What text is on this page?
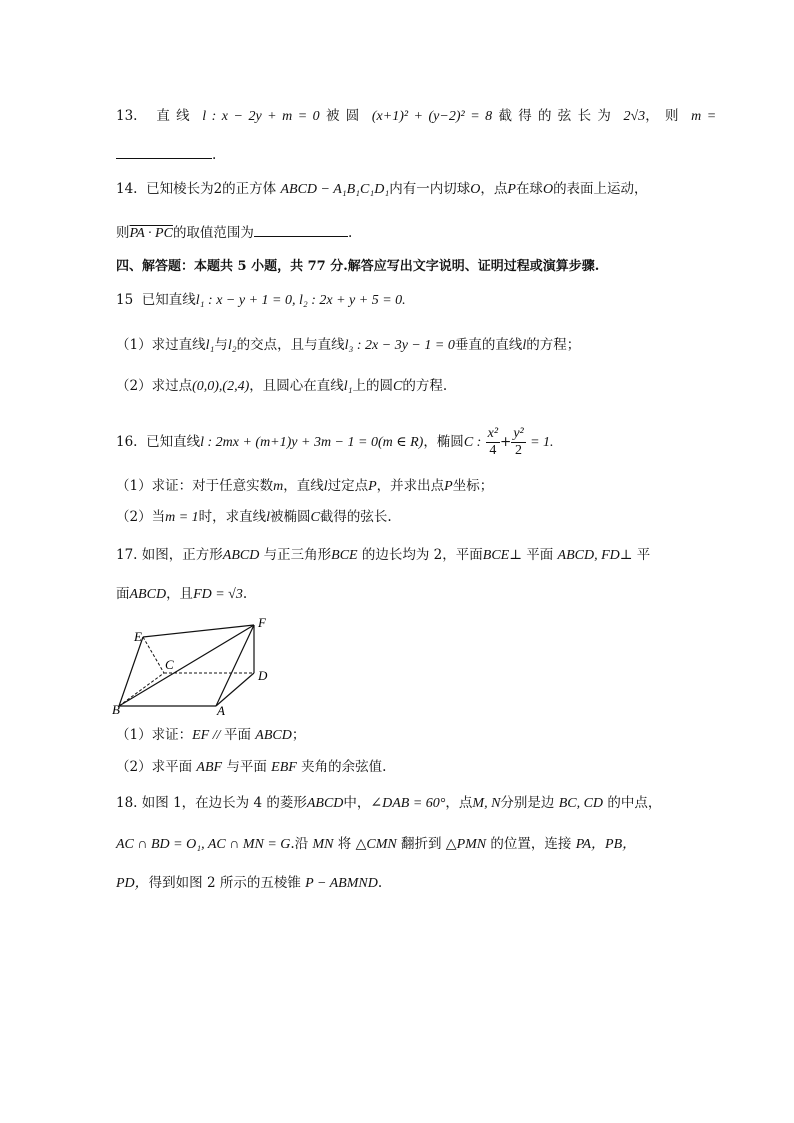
13. 直 线 l : x − 2y + m = 0 被 圆 (x+1)² + (y−2)² = 8 截 得 的 弦 长 为 2√3， 则 m =
.
14. 已知棱长为2的正方体 ABCD − A₁B₁C₁D₁内有一内切球O，点P在球O的表面上运动，
则PA · PC的取值范围为	.
四、解答题：本题共 5 小题，共 77 分.解答应写出文字说明、证明过程或演算步骤.
15 已知直线l₁ : x − y + 1 = 0, l₂ : 2x + y + 5 = 0.
（1）求过直线l₁与l₂的交点，且与直线l₃ : 2x − 3y − 1 = 0垂直的直线l的方程；
（2）求过点(0,0),(2,4)，且圆心在直线l₁上的圆C的方程.
16. 已知直线l : 2mx + (m+1)y + 3m − 1 = 0(m ∈ R)，椭圆C : $\frac{\text{x²}}{4} + \frac{\text{y²}}{2} = 1$.
（1）求证：对于任意实数m，直线l过定点P，并求出点P坐标；
（2）当m = 1时，求直线l被椭圆C截得的弦长.
17. 如图，正方形ABCD 与正三角形BCE 的边长均为 2，平面BCE⊥ 平面 ABCD, FD⊥ 平
面ABCD，且FD = √3.
E
F
C
D
B	A
（1）求证：EF // 平面 ABCD；
（2）求平面 ABF 与平面 EBF 夹角的余弦值.
18. 如图 1，在边长为 4 的菱形ABCD中，∠DAB = 60°，点M, N分别是边 BC, CD 的中点，
AC ∩ BD = O₁, AC ∩ MN = G.沿 MN 将 △CMN 翻折到 △PMN 的位置，连接 PA，PB，
PD，得到如图 2 所示的五棱锥 P − ABMND.
